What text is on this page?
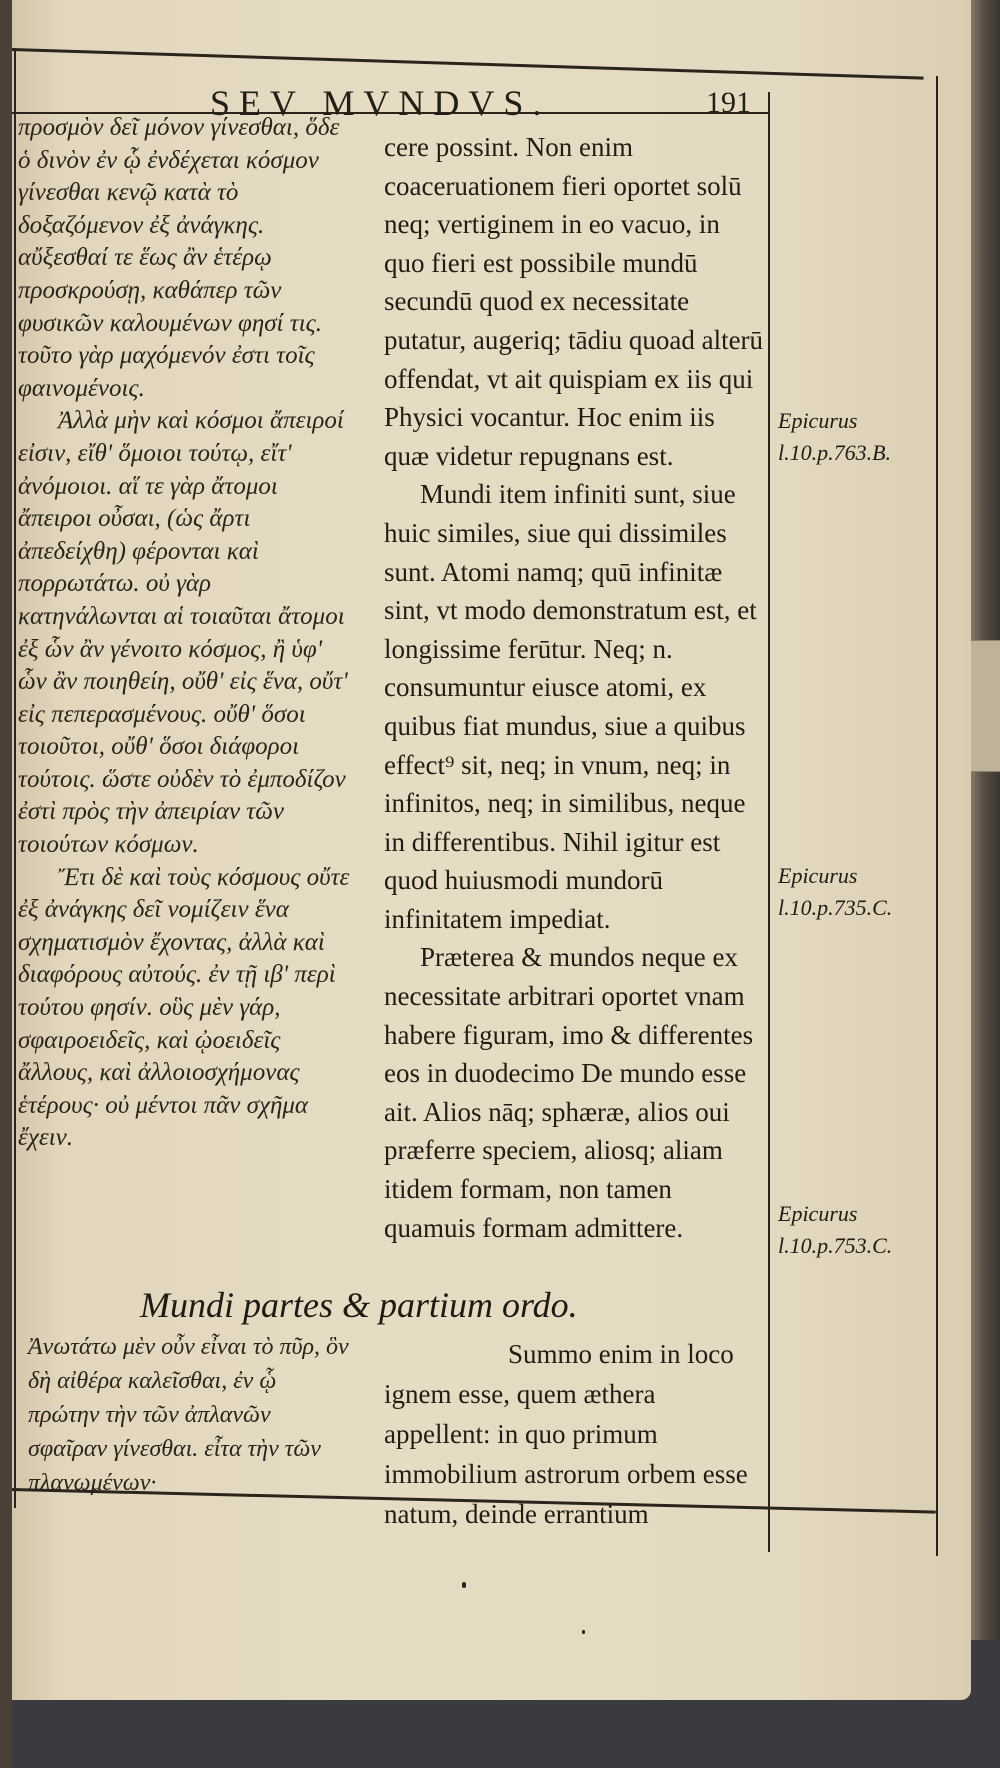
SEV MVNDVS.	191

προσμὸν δεῖ μόνον γίνεσθαι, ὅδε ὁ δινὸν ἐν ᾧ ἐνδέχεται κόσμον γίνεσθαι κενῷ κατὰ τὸ δοξαζόμενον ἐξ ἀνάγκης. αὔξεσθαί τε ἕως ἂν ἑτέρῳ προσκρούσῃ, καθάπερ τῶν φυσικῶν καλουμένων φησί τις. τοῦτο γὰρ μαχόμενόν ἐστι τοῖς φαινομένοις.

Ἀλλὰ μὴν καὶ κόσμοι ἄπειροί εἰσιν, εἴθ' ὅμοιοι τούτῳ, εἴτ' ἀνόμοιοι. αἵ τε γὰρ ἄτομοι ἄπειροι οὖσαι, (ὡς ἄρτι ἀπεδείχθη) φέρονται καὶ πορρωτάτω. οὐ γὰρ κατηνάλωνται αἱ τοιαῦται ἄτομοι ἐξ ὧν ἂν γένοιτο κόσμος, ἢ ὑφ' ὧν ἂν ποιηθείη, οὔθ' εἰς ἕνα, οὔτ' εἰς πεπερασμένους. οὔθ' ὅσοι τοιοῦτοι, οὔθ' ὅσοι διάφοροι τούτοις. ὥστε οὐδὲν τὸ ἐμποδίζον ἐστὶ πρὸς τὴν ἀπειρίαν τῶν τοιούτων κόσμων.

Ἔτι δὲ καὶ τοὺς κόσμους οὔτε ἐξ ἀνάγκης δεῖ νομίζειν ἕνα σχηματισμὸν ἔχοντας, ἀλλὰ καὶ διαφόρους αὐτούς. ἐν τῇ ιβ' περὶ τούτου φησίν. οὓς μὲν γάρ, σφαιροειδεῖς, καὶ ᾠοειδεῖς ἄλλους, καὶ ἀλλοιοσχήμονας ἑτέρους· οὐ μέντοι πᾶν σχῆμα ἔχειν.

cere possint. Non enim coaceruationem fieri oportet solū neq; vertiginem in eo vacuo, in quo fieri est possibile mundū secundū quod ex necessitate putatur, augeriq; tādiu quoad alterū offendat, vt ait quispiam ex iis qui Physici vocantur. Hoc enim iis quæ videtur repugnans est.

Mundi item infiniti sunt, siue huic similes, siue qui dissimiles sunt. Atomi namq; quū infinitæ sint, vt modo demonstratum est, et longissime ferūtur. Neq; n. consumuntur eiusce atomi, ex quibus fiat mundus, siue a quibus effect⁹ sit, neq; in vnum, neq; in infinitos, neq; in similibus, neque in differentibus. Nihil igitur est quod huiusmodi mundorū infinitatem impediat.

Præterea & mundos neque ex necessitate arbitrari oportet vnam habere figuram, imo & differentes eos in duodecimo De mundo esse ait. Alios nāq; sphæræ, alios oui præferre speciem, aliosq; aliam itidem formam, non tamen quamuis formam admittere.

Epicurus
l.10.p.763.B.
Epicurus
l.10.p.735.C.
Epicurus
l.10.p.753.C.
Mundi partes & partium ordo.
Ἀνωτάτω μὲν οὖν εἶναι τὸ πῦρ, ὃν δὴ αἰθέρα καλεῖσθαι, ἐν ᾧ πρώτην τὴν τῶν ἀπλανῶν σφαῖραν γίνεσθαι. εἶτα τὴν τῶν πλανωμένων·

Summo enim in loco ignem esse, quem æthera appellent: in quo primum immobilium astrorum orbem esse natum, deinde errantium
